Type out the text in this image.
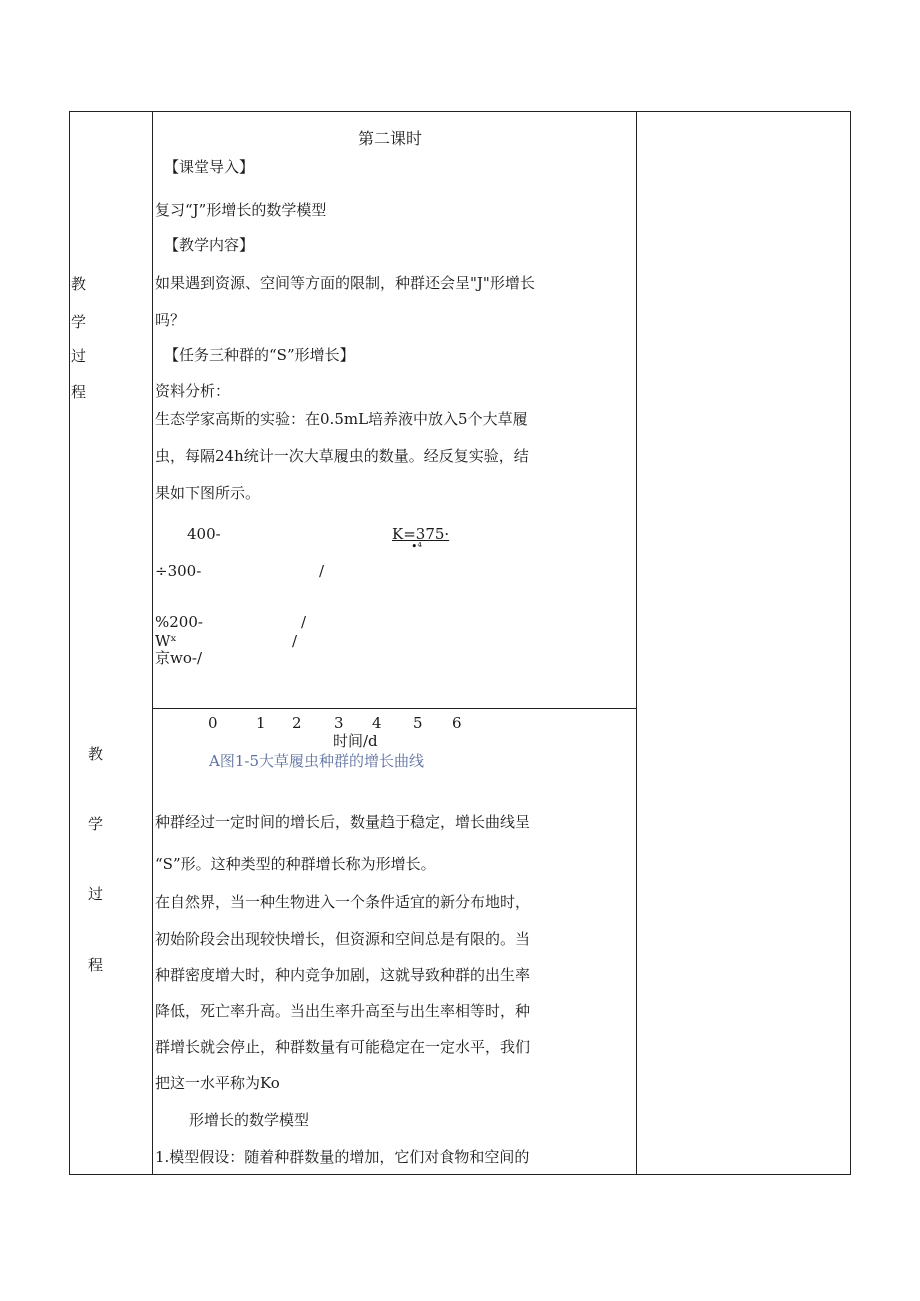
教
学
过
程
教
学
过
程
第二课时
【课堂导入】
复习“J”形增长的数学模型
【教学内容】
如果遇到资源、空间等方面的限制，种群还会呈"J"形增长
吗？
【任务三种群的“S”形增长】
资料分析：
生态学家高斯的实验：在0.5mL培养液中放入5个大草履
虫，每隔24h统计一次大草履虫的数量。经反复实验，结
果如下图所示。
400-	K=375·
•⁴
÷300-	/
%200-	/
Wˣ	/
京wo-/
0	1 2 3 4 5 6
时间/d
A图1-5大草履虫种群的增长曲线
种群经过一定时间的增长后，数量趋于稳定，增长曲线呈
“S”形。这种类型的种群增长称为形增长。
在自然界，当一种生物进入一个条件适宜的新分布地时，
初始阶段会出现较快增长，但资源和空间总是有限的。当
种群密度增大时，种内竞争加剧，这就导致种群的出生率
降低，死亡率升高。当出生率升高至与出生率相等时，种
群增长就会停止，种群数量有可能稳定在一定水平，我们
把这一水平称为Ko
形增长的数学模型
1.模型假设：随着种群数量的增加，它们对食物和空间的
